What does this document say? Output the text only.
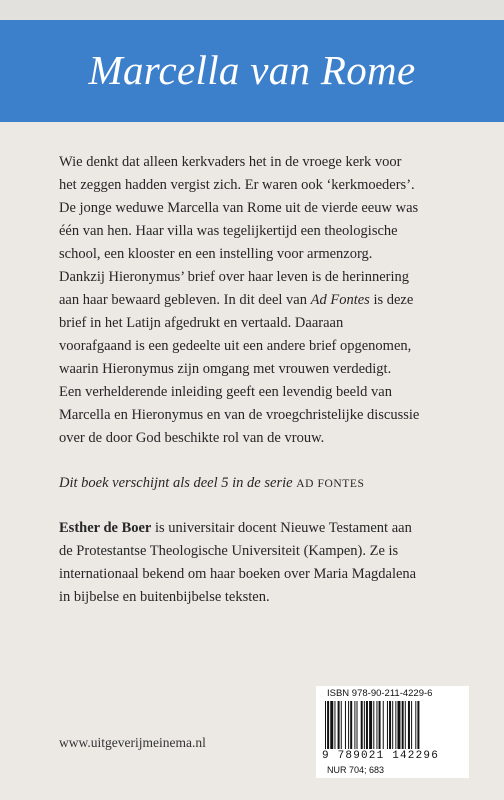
Marcella van Rome

Wie denkt dat alleen kerkvaders het in de vroege kerk voor
het zeggen hadden vergist zich. Er waren ook ‘kerkmoeders’.
De jonge weduwe Marcella van Rome uit de vierde eeuw was
één van hen. Haar villa was tegelijkertijd een theologische
school, een klooster en een instelling voor armenzorg.
Dankzij Hieronymus’ brief over haar leven is de herinnering
aan haar bewaard gebleven. In dit deel van Ad Fontes is deze
brief in het Latijn afgedrukt en vertaald. Daaraan
voorafgaand is een gedeelte uit een andere brief opgenomen,
waarin Hieronymus zijn omgang met vrouwen verdedigt.
Een verhelderende inleiding geeft een levendig beeld van
Marcella en Hieronymus en van de vroegchristelijke discussie
over de door God beschikte rol van de vrouw.

Dit boek verschijnt als deel 5 in de serie AD FONTES

Esther de Boer is universitair docent Nieuwe Testament aan
de Protestantse Theologische Universiteit (Kampen). Ze is
internationaal bekend om haar boeken over Maria Magdalena
in bijbelse en buitenbijbelse teksten.

www.uitgeverijmeinema.nl
ISBN 978-90-211-4229-6
9 789021 142296
NUR 704; 683
